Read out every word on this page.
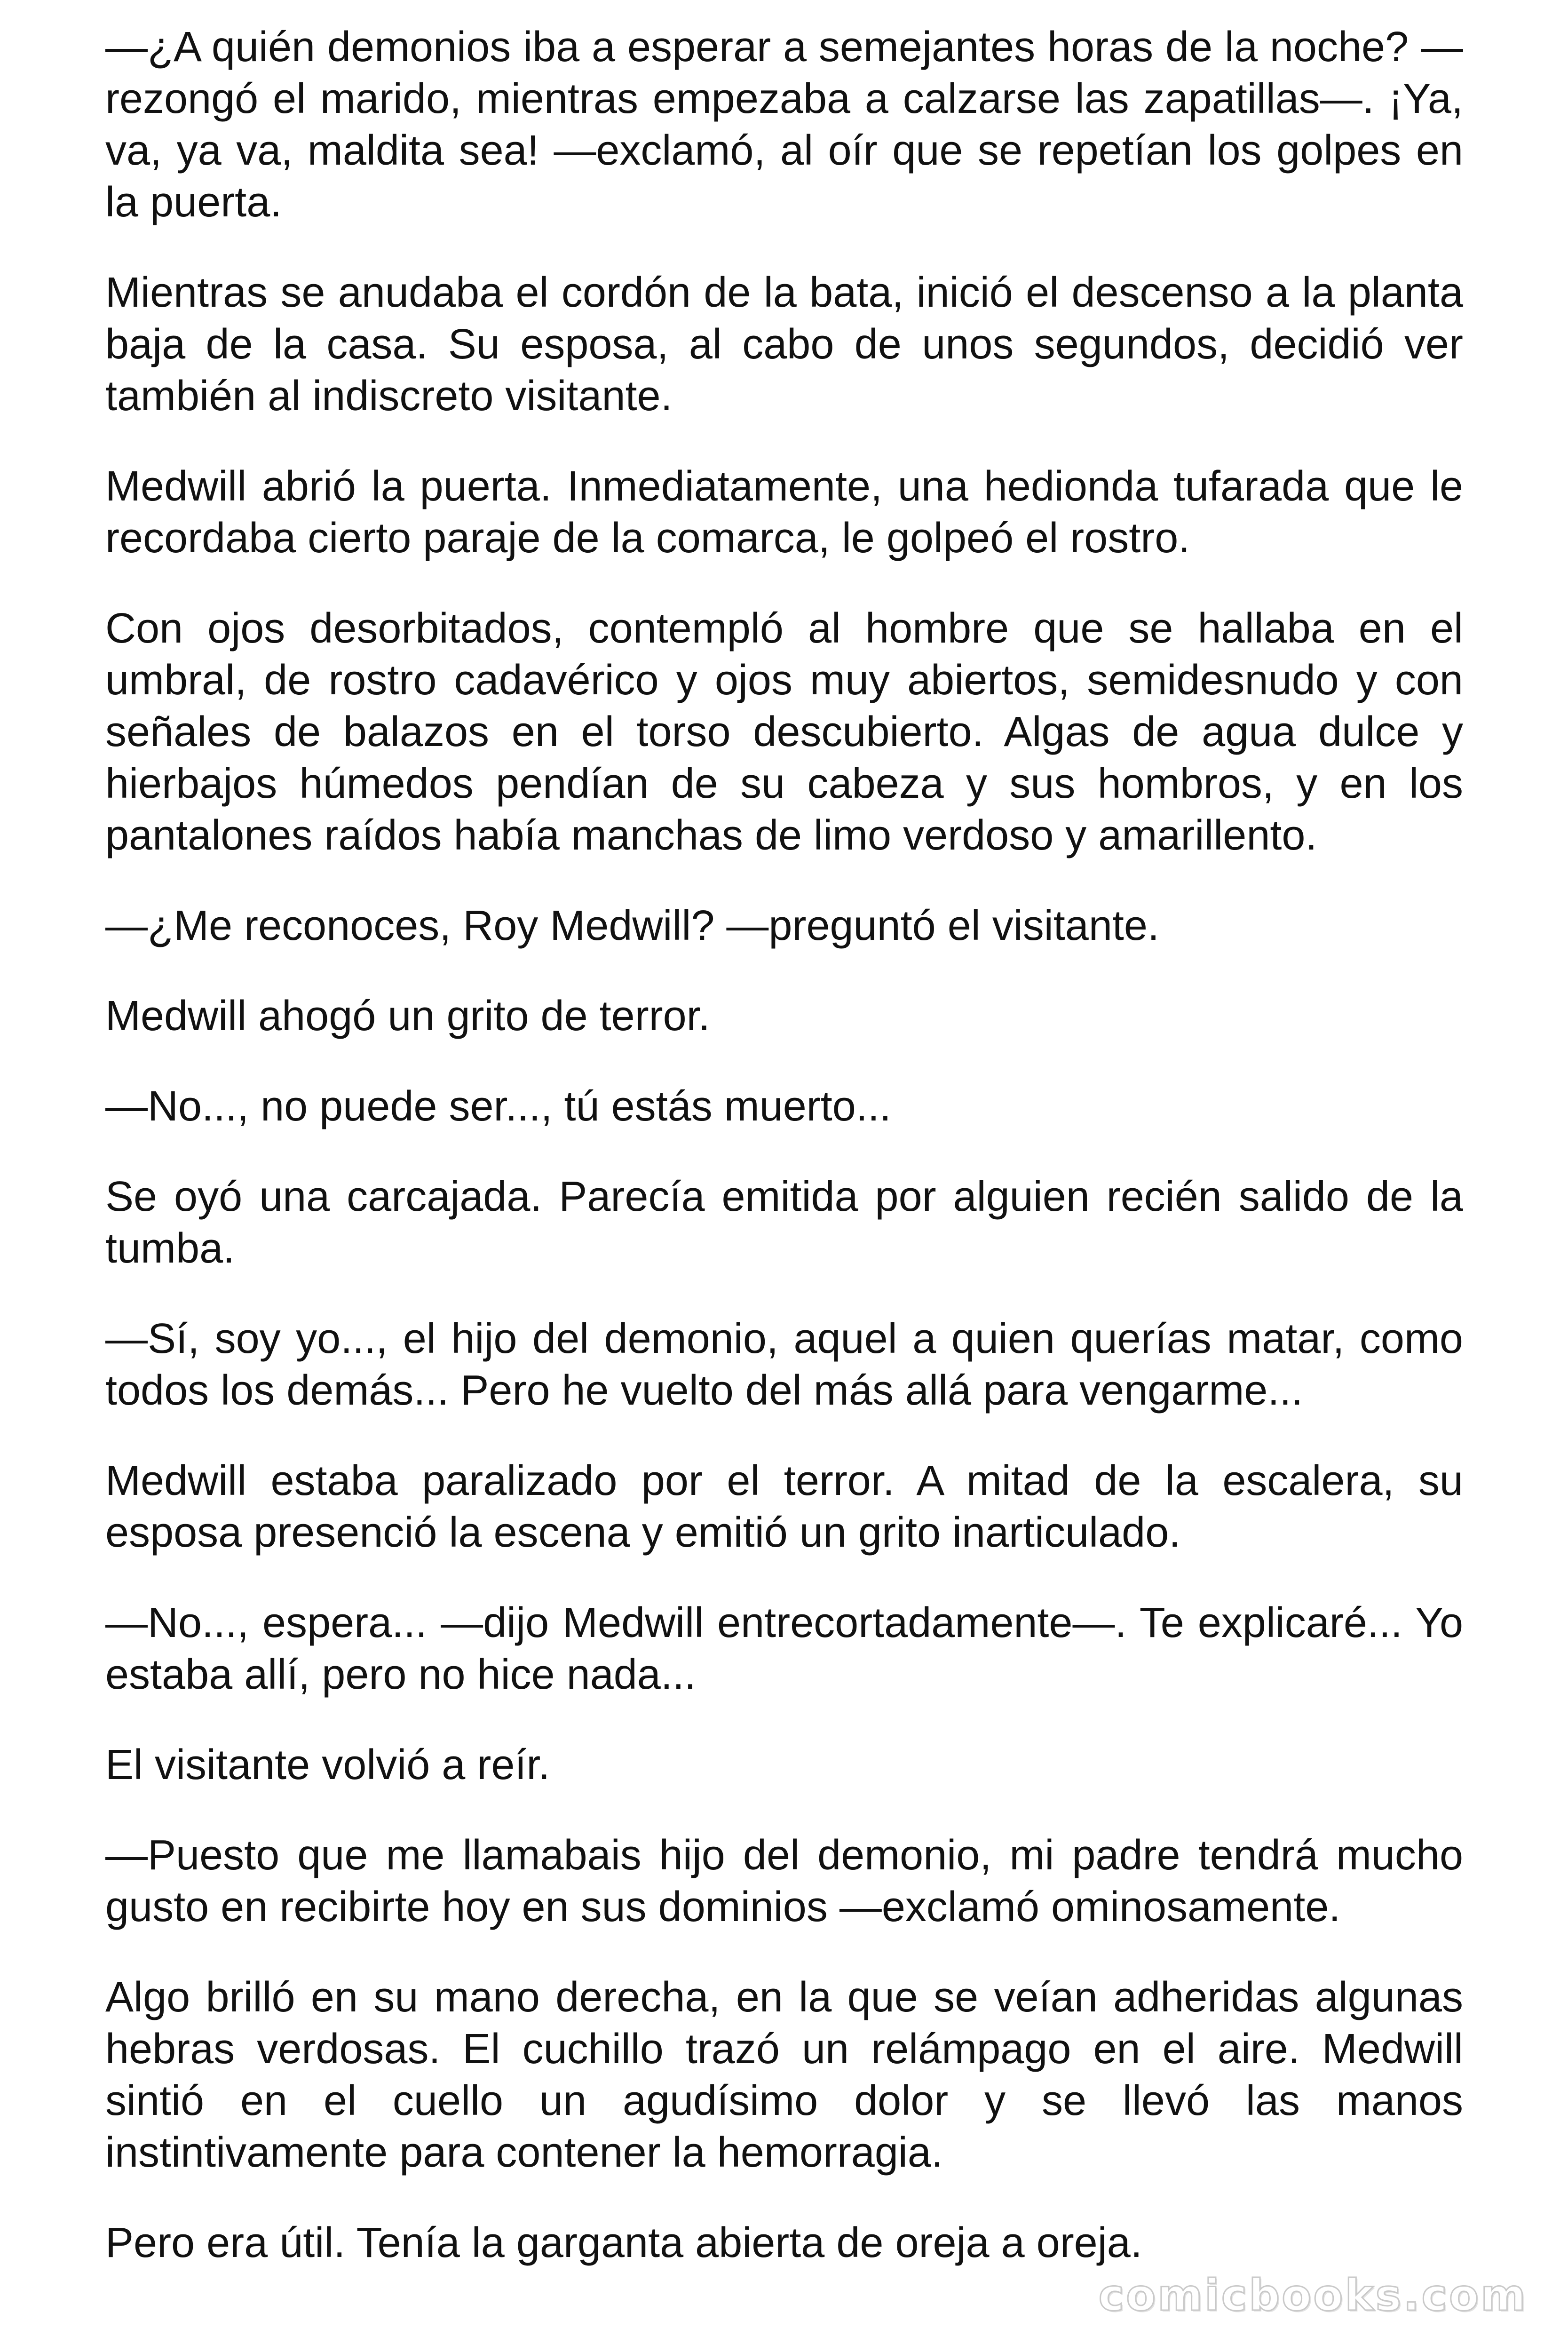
—¿A quién demonios iba a esperar a semejantes horas de la noche? —rezongó el marido, mientras empezaba a calzarse las zapatillas—. ¡Ya, va, ya va, maldita sea! —exclamó, al oír que se repetían los golpes en la puerta.

Mientras se anudaba el cordón de la bata, inició el descenso a la planta baja de la casa. Su esposa, al cabo de unos segundos, decidió ver también al indiscreto visitante.

Medwill abrió la puerta. Inmediatamente, una hedionda tufarada que le recordaba cierto paraje de la comarca, le golpeó el rostro.

Con ojos desorbitados, contempló al hombre que se hallaba en el umbral, de rostro cadavérico y ojos muy abiertos, semidesnudo y con señales de balazos en el torso descubierto. Algas de agua dulce y hierbajos húmedos pendían de su cabeza y sus hombros, y en los pantalones raídos había manchas de limo verdoso y amarillento.

—¿Me reconoces, Roy Medwill? —preguntó el visitante.

Medwill ahogó un grito de terror.

—No..., no puede ser..., tú estás muerto...

Se oyó una carcajada. Parecía emitida por alguien recién salido de la tumba.

—Sí, soy yo..., el hijo del demonio, aquel a quien querías matar, como todos los demás... Pero he vuelto del más allá para vengarme...

Medwill estaba paralizado por el terror. A mitad de la escalera, su esposa presenció la escena y emitió un grito inarticulado.

—No..., espera... —dijo Medwill entrecortadamente—. Te explicaré... Yo estaba allí, pero no hice nada...

El visitante volvió a reír.

—Puesto que me llamabais hijo del demonio, mi padre tendrá mucho gusto en recibirte hoy en sus dominios —exclamó ominosamente.

Algo brilló en su mano derecha, en la que se veían adheridas algunas hebras verdosas. El cuchillo trazó un relámpago en el aire. Medwill sintió en el cuello un agudísimo dolor y se llevó las manos instintivamente para contener la hemorragia.

Pero era útil. Tenía la garganta abierta de oreja a oreja.

comicbooks.com
